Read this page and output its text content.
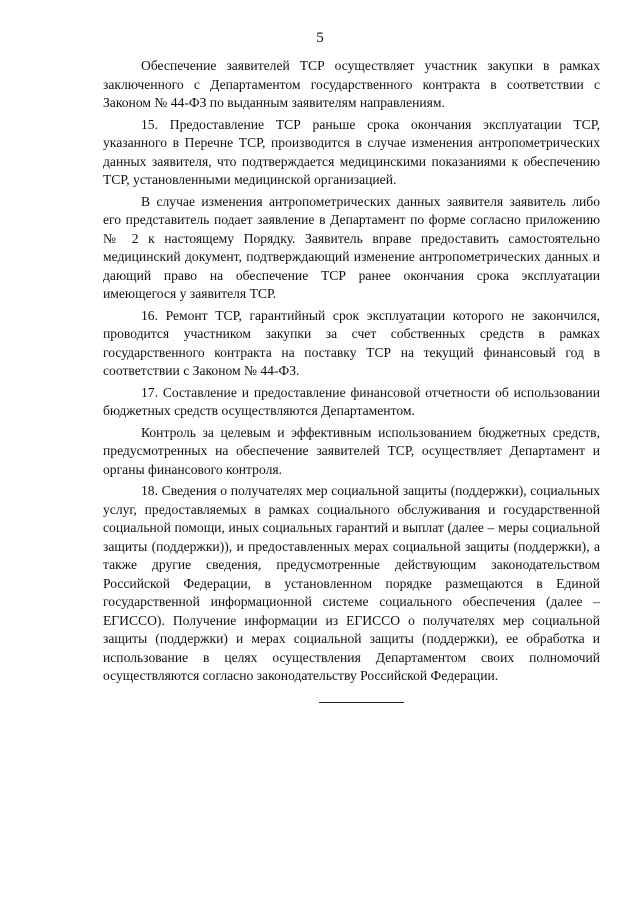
5

Обеспечение заявителей ТСР осуществляет участник закупки в рамках заключенного с Департаментом государственного контракта в соответствии с Законом № 44-ФЗ по выданным заявителям направлениям.

15. Предоставление ТСР раньше срока окончания эксплуатации ТСР, указанного в Перечне ТСР, производится в случае изменения антропометрических данных заявителя, что подтверждается медицинскими показаниями к обеспечению ТСР, установленными медицинской организацией.

В случае изменения антропометрических данных заявителя заявитель либо его представитель подает заявление в Департамент по форме согласно приложению № 2 к настоящему Порядку. Заявитель вправе предоставить самостоятельно медицинский документ, подтверждающий изменение антропометрических данных и дающий право на обеспечение ТСР ранее окончания срока эксплуатации имеющегося у заявителя ТСР.

16. Ремонт ТСР, гарантийный срок эксплуатации которого не закончился, проводится участником закупки за счет собственных средств в рамках государственного контракта на поставку ТСР на текущий финансовый год в соответствии с Законом № 44-ФЗ.

17. Составление и предоставление финансовой отчетности об использовании бюджетных средств осуществляются Департаментом.

Контроль за целевым и эффективным использованием бюджетных средств, предусмотренных на обеспечение заявителей ТСР, осуществляет Департамент и органы финансового контроля.

18. Сведения о получателях мер социальной защиты (поддержки), социальных услуг, предоставляемых в рамках социального обслуживания и государственной социальной помощи, иных социальных гарантий и выплат (далее – меры социальной защиты (поддержки)), и предоставленных мерах социальной защиты (поддержки), а также другие сведения, предусмотренные действующим законодательством Российской Федерации, в установленном порядке размещаются в Единой государственной информационной системе социального обеспечения (далее – ЕГИССО). Получение информации из ЕГИССО о получателях мер социальной защиты (поддержки) и мерах социальной защиты (поддержки), ее обработка и использование в целях осуществления Департаментом своих полномочий осуществляются согласно законодательству Российской Федерации.
